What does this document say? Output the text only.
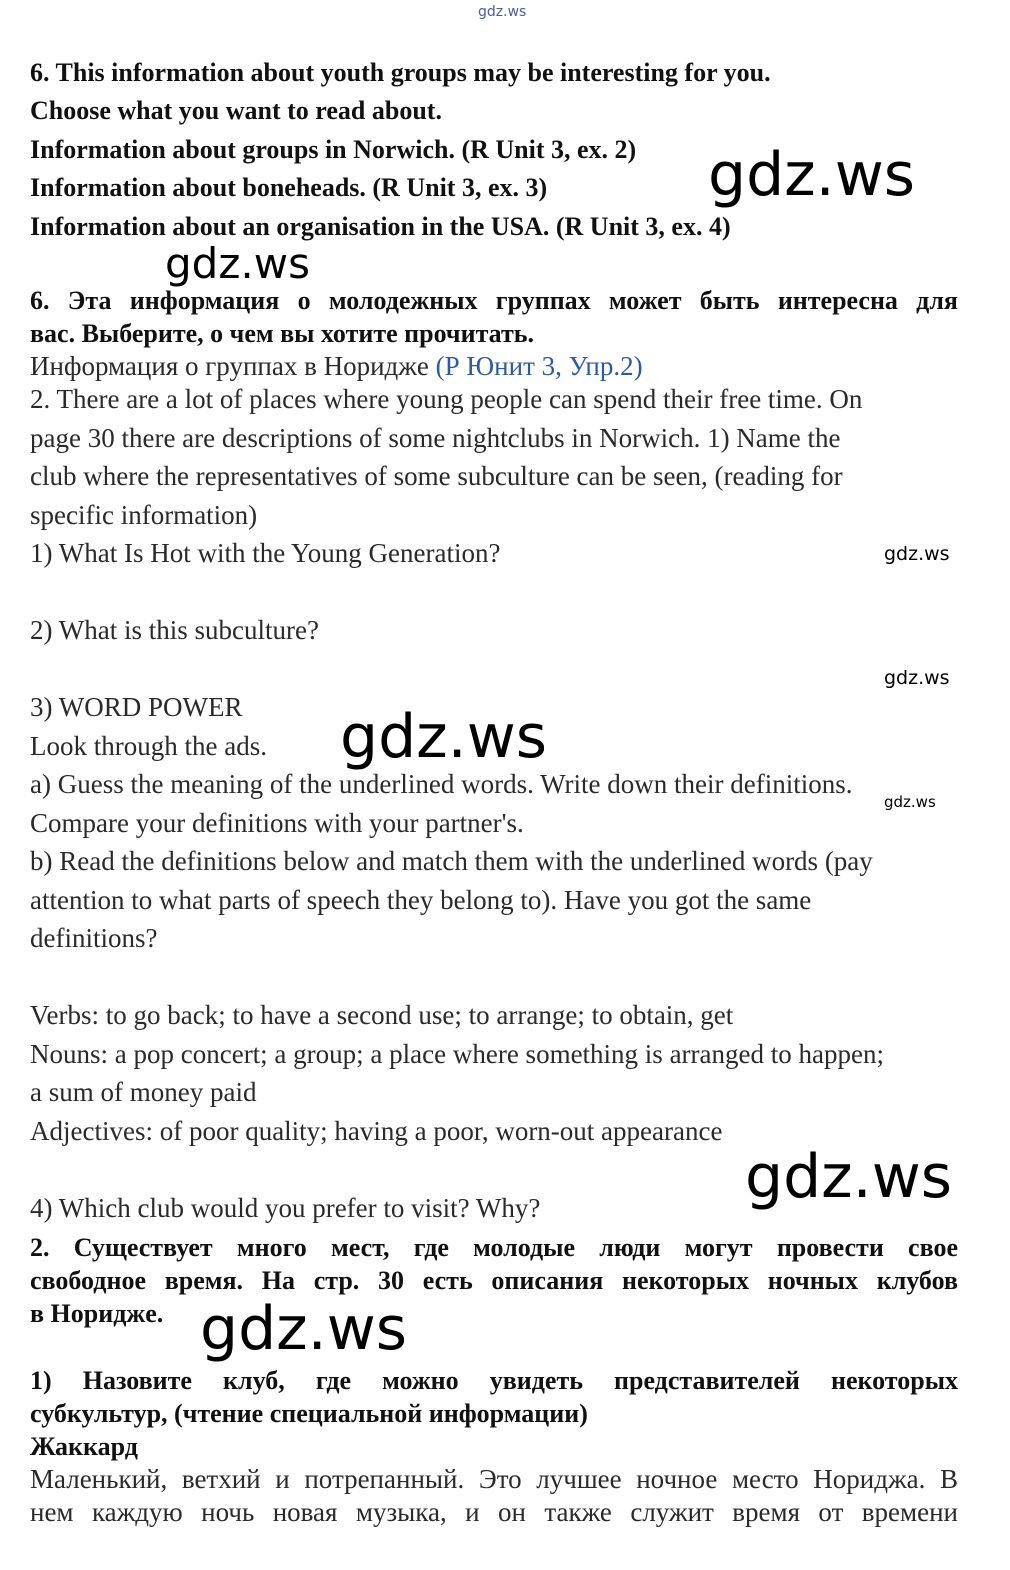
gdz.ws
6. This information about youth groups may be interesting for you.
Choose what you want to read about.
Information about groups in Norwich. (R Unit 3, ex. 2)
Information about boneheads. (R Unit 3, ex. 3)
Information about an organisation in the USA. (R Unit 3, ex. 4)
gdz.ws
gdz.ws
6. Эта информация о молодежных группах может быть интересна для
вас. Выберите, о чем вы хотите прочитать.
Информация о группах в Нориджe (Р Юнит 3, Упр.2)
2. There are a lot of places where young people can spend their free time. On
page 30 there are descriptions of some nightclubs in Norwich. 1) Name the
club where the representatives of some subculture can be seen, (reading for
specific information)
1) What Is Hot with the Young Generation?	gdz.ws
2) What is this subculture?
gdz.ws
3) WORD POWER
Look through the ads. gdz.ws
a) Guess the meaning of the underlined words. Write down their definitions.
gdz.ws
Compare your definitions with your partner's.
b) Read the definitions below and match them with the underlined words (pay
attention to what parts of speech they belong to). Have you got the same
definitions?
Verbs: to go back; to have a second use; to arrange; to obtain, get
Nouns: a pop concert; a group; a place where something is arranged to happen;
a sum of money paid
Adjectives: of poor quality; having a poor, worn-out appearance
gdz.ws
4) Which club would you prefer to visit? Why?
2. Существует много мест, где молодые люди могут провести свое
свободное время. На стр. 30 есть описания некоторых ночных клубов
в Нориджe. gdz.ws
1) Назовите клуб, где можно увидеть представителей некоторых
субкультур, (чтение специальной информации)
Жаккард
Маленький, ветхий и потрепанный. Это лучшее ночное место Нориджа. В
нем каждую ночь новая музыка, и он также служит время от времени
